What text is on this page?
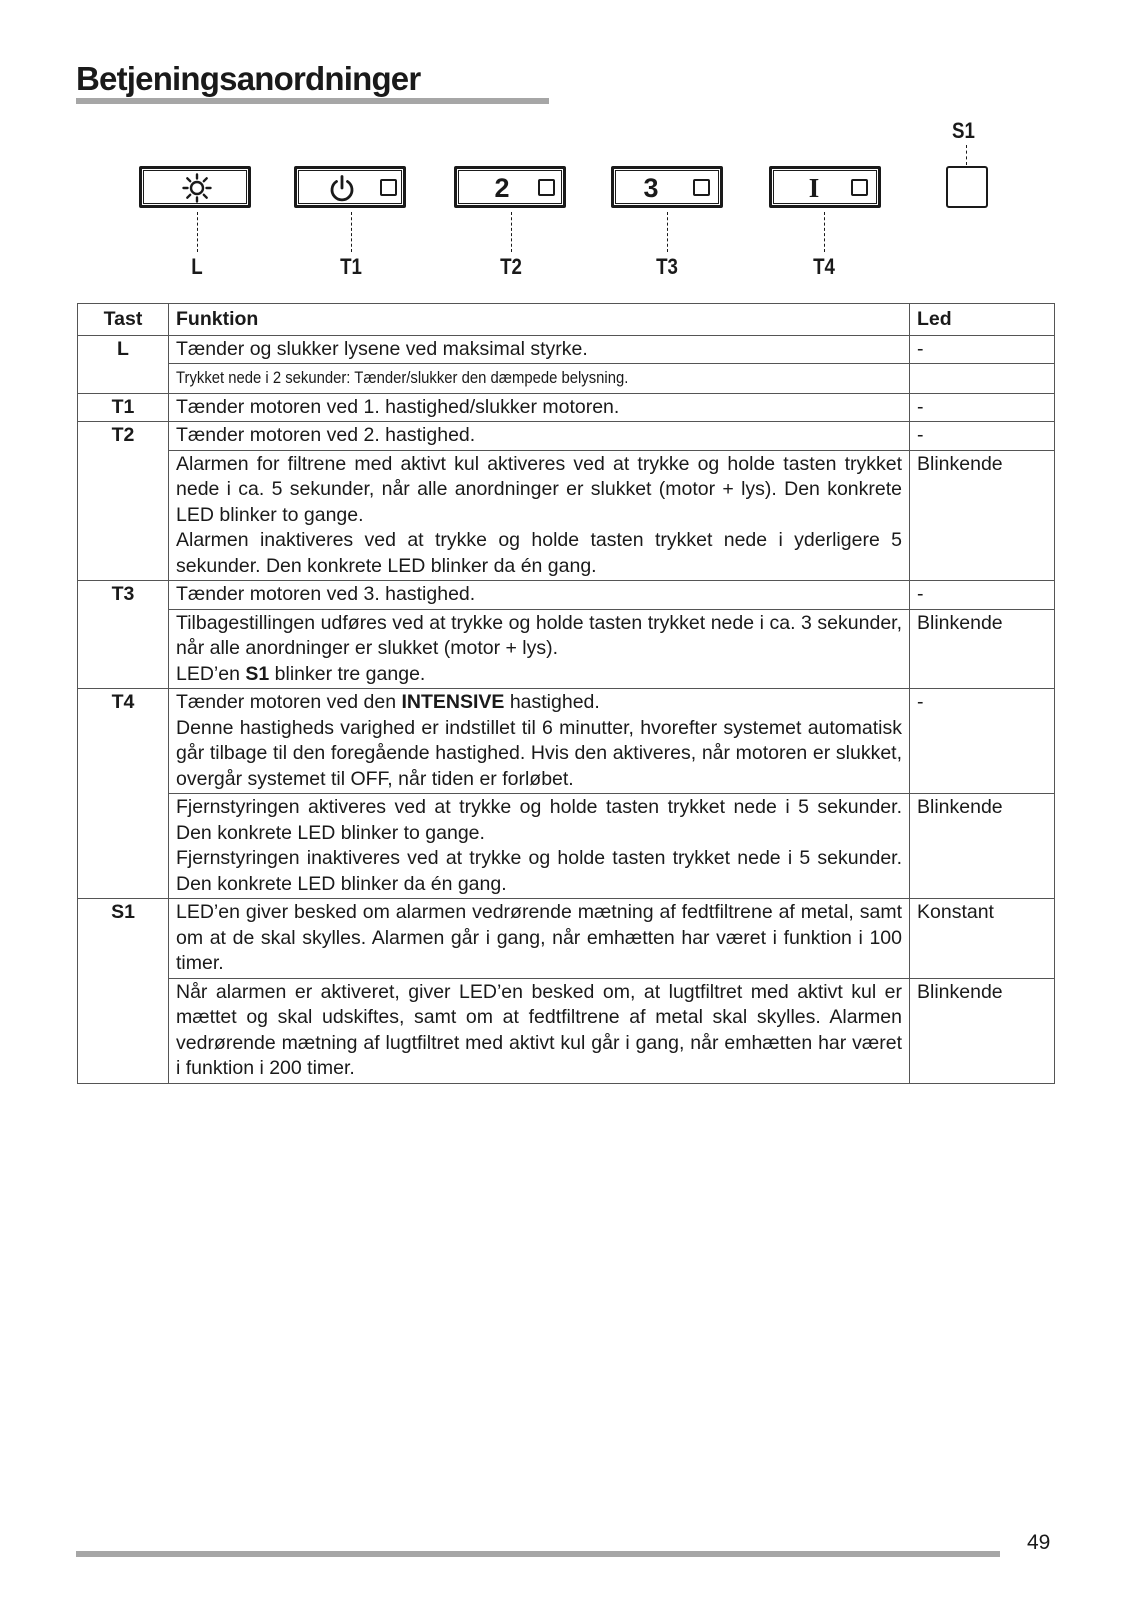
Betjeningsanordninger
S1
2	3	I
L	T1	T2	T3	T4
Tast	Funktion	Led
L	Tænder og slukker lysene ved maksimal styrke.	-
	Trykket nede i 2 sekunder: Tænder/slukker den dæmpede belysning.	
T1	Tænder motoren ved 1. hastighed/slukker motoren.	-
T2	Tænder motoren ved 2. hastighed.	-

	Alarmen for filtrene med aktivt kul aktiveres ved at trykke og holde tasten trykket nede i ca. 5 sekunder, når alle anordninger er slukket (motor + lys). Den konkrete LED blinker to gange.
Alarmen inaktiveres ved at trykke og holde tasten trykket nede i yderligere 5 sekunder. Den konkrete LED blinker da én gang.	Blinkende
T3	Tænder motoren ved 3. hastighed.	-

	Tilbagestillingen udføres ved at trykke og holde tasten trykket nede i ca. 3 sekunder, når alle anordninger er slukket (motor + lys).
LED’en S1 blinker tre gange.	Blinkende
T4	Tænder motoren ved den INTENSIVE hastighed.
Denne hastigheds varighed er indstillet til 6 minutter, hvorefter systemet automatisk går tilbage til den foregående hastighed. Hvis den aktiveres, når motoren er slukket, overgår systemet til OFF, når tiden er forløbet.	-

	Fjernstyringen aktiveres ved at trykke og holde tasten trykket nede i 5 sekunder. Den konkrete LED blinker to gange.
Fjernstyringen inaktiveres ved at trykke og holde tasten trykket nede i 5 sekunder. Den konkrete LED blinker da én gang.	Blinkende
S1	LED’en giver besked om alarmen vedrørende mætning af fedtfiltrene af metal, samt om at de skal skylles. Alarmen går i gang, når emhætten har været i funktion i 100 timer.	Konstant
	Når alarmen er aktiveret, giver LED’en besked om, at lugtfiltret med aktivt kul er mættet og skal udskiftes, samt om at fedtfiltrene af metal skal skylles. Alarmen vedrørende mætning af lugtfiltret med aktivt kul går i gang, når emhætten har været i funktion i 200 timer.	Blinkende
49
